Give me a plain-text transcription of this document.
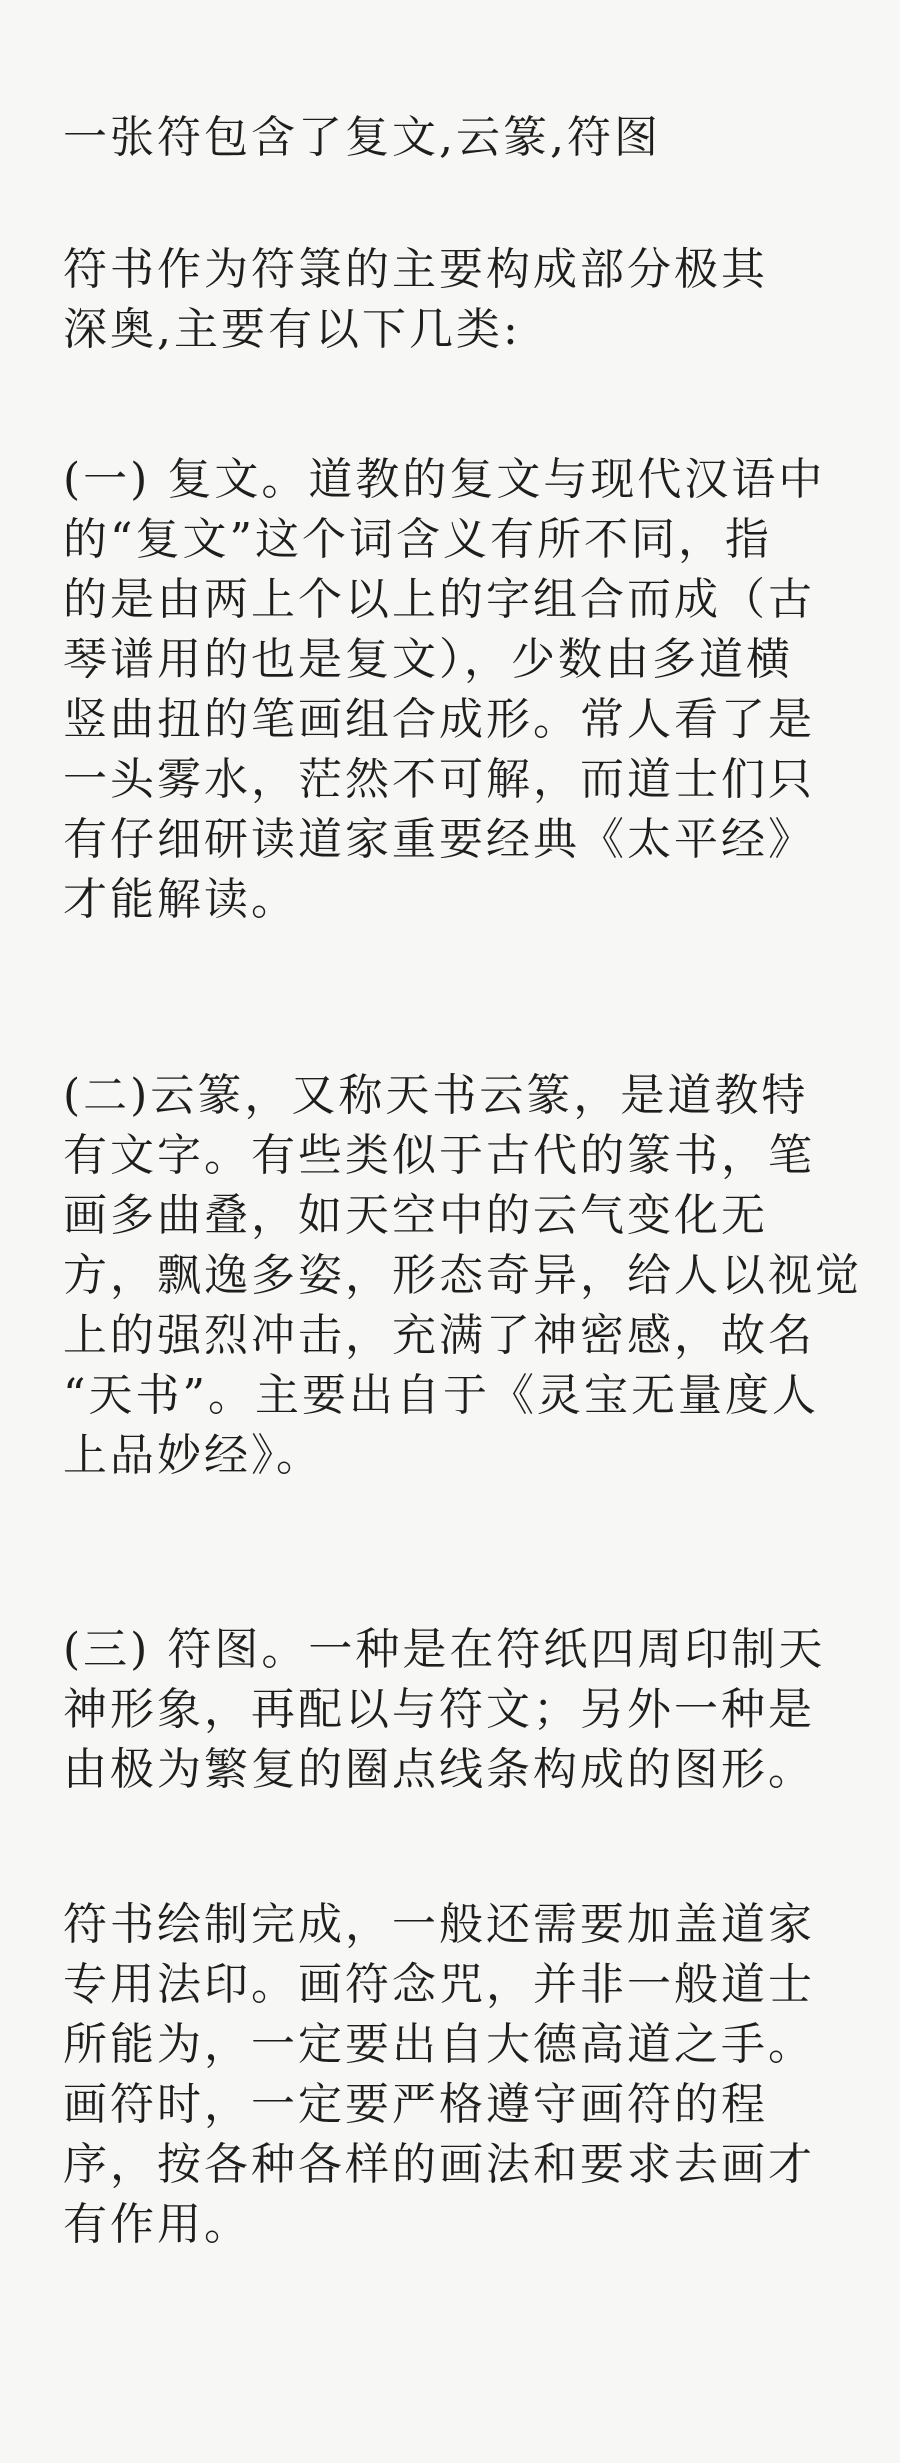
一张符包含了复文,云篆,符图
符书作为符箓的主要构成部分极其
深奥,主要有以下几类:
(一) 复文。道教的复文与现代汉语中
的“复文”这个词含义有所不同，指
的是由两上个以上的字组合而成（古
琴谱用的也是复文），少数由多道横
竖曲扭的笔画组合成形。常人看了是
一头雾水，茫然不可解，而道士们只
有仔细研读道家重要经典《太平经》
才能解读。
(二)云篆，又称天书云篆，是道教特
有文字。有些类似于古代的篆书，笔
画多曲叠，如天空中的云气变化无
方，飘逸多姿，形态奇异，给人以视觉
上的强烈冲击，充满了神密感，故名
“天书”。主要出自于《灵宝无量度人
上品妙经》。
(三) 符图。一种是在符纸四周印制天
神形象，再配以与符文；另外一种是
由极为繁复的圈点线条构成的图形。
符书绘制完成，一般还需要加盖道家
专用法印。画符念咒，并非一般道士
所能为，一定要出自大德高道之手。
画符时，一定要严格遵守画符的程
序，按各种各样的画法和要求去画才
有作用。
